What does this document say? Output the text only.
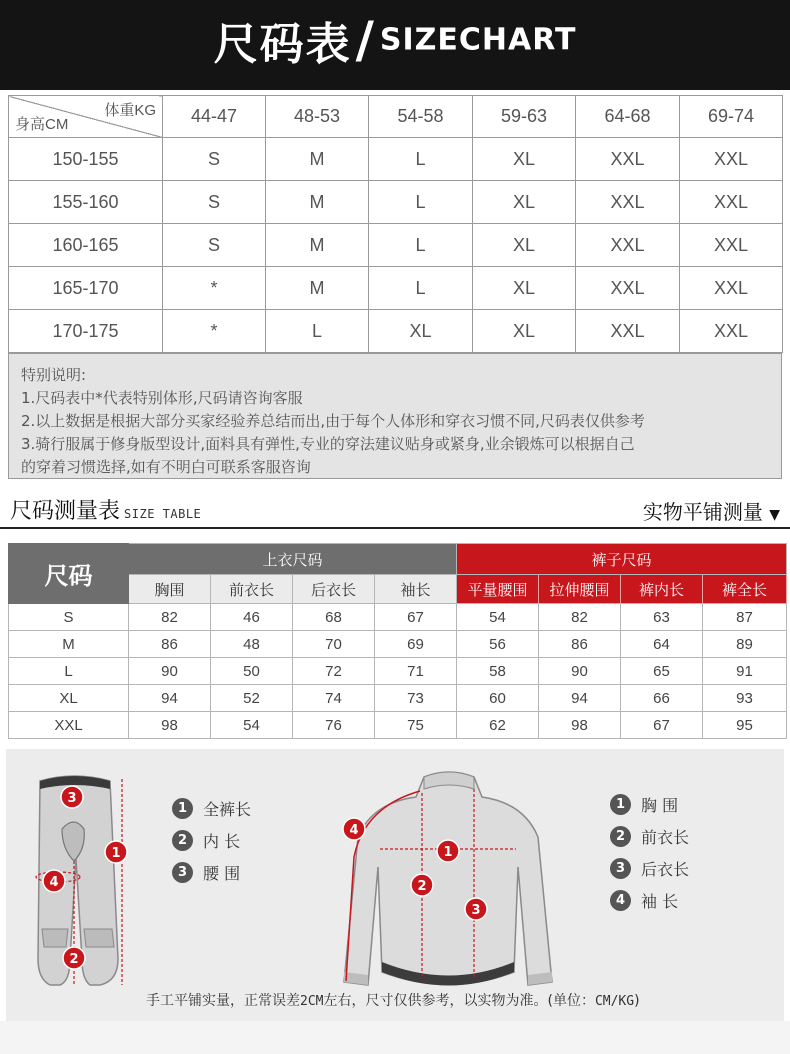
尺码表/ SIZECHART
体重KG
身高CM	44-47	48-53	54-58	59-63	64-68	69-74
150-155	S	M	L	XL	XXL	XXL
155-160	S	M	L	XL	XXL	XXL
160-165	S	M	L	XL	XXL	XXL
165-170	*	M	L	XL	XXL	XXL
170-175	*	L	XL	XL	XXL	XXL

特别说明:

1.尺码表中*代表特别体形,尺码请咨询客服

2.以上数据是根据大部分买家经验养总结而出,由于每个人体形和穿衣习惯不同,尺码表仅供参考

3.骑行服属于修身版型设计,面料具有弹性,专业的穿法建议贴身或紧身,业余锻炼可以根据自己

的穿着习惯选择,如有不明白可联系客服咨询

尺码测量表 SIZE TABLE	实物平铺测量 ▼
尺码	上衣尺码				裤子尺码			
	胸围	前衣长	后衣长	袖长	平量腰围	拉伸腰围	裤内长	裤全长
S	82	46	68	67	54	82	63	87
M	86	48	70	69	56	86	64	89
L	90	50	72	71	58	90	65	91
XL	94	52	74	73	60	94	66	93
XXL	98	54	76	75	62	98	67	95
3
1
4
2
1 全裤长
2 内 长
3 腰 围
4
1
2
3
1 胸 围
2 前衣长
3 后衣长
4 袖 长
手工平铺实量，正常误差2CM左右，尺寸仅供参考，以实物为准。(单位：CM/KG)
